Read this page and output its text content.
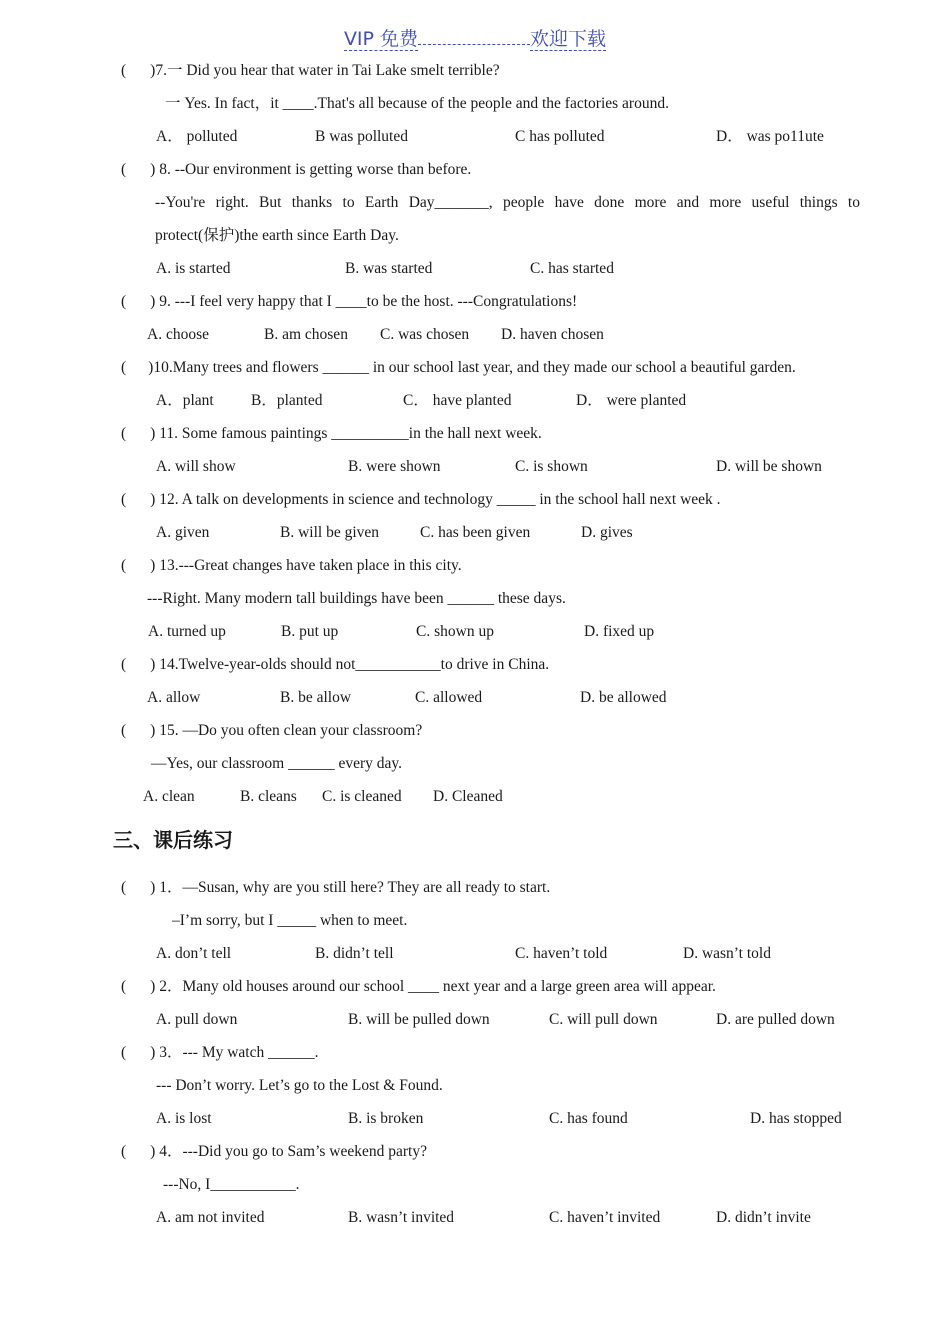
VIP 免费	欢迎下载
( )7.一 Did you hear that water in Tai Lake smelt terrible?
一 Yes. In fact，it ____.That's all because of the people and the factories around.
A． polluted	B was polluted	C has polluted	D． was po11ute
( ) 8. --Our environment is getting worse than before.
--You're right. But thanks to Earth Day_______, people have done more and more useful things to
protect(保护)the earth since Earth Day.
A. is started	B. was started	C. has started
( ) 9. ---I feel very happy that I ____to be the host. ---Congratulations!
A. choose	B. am chosen C. was chosen D. haven chosen
( )10.Many trees and flowers ______ in our school last year, and they made our school a beautiful garden.
A．plant B．planted	C． have planted	D． were planted
( ) 11. Some famous paintings __________in the hall next week.
A. will show	B. were shown	C. is shown	D. will be shown
( ) 12. A talk on developments in science and technology _____ in the school hall next week .
A. given	B. will be given	C. has been given	D. gives
( ) 13.---Great changes have taken place in this city.
---Right. Many modern tall buildings have been ______ these days.
A. turned up	B. put up	C. shown up	D. fixed up
( ) 14.Twelve-year-olds should not___________to drive in China.
A. allow	B. be allow	C. allowed	D. be allowed
( ) 15. —Do you often clean your classroom?
—Yes, our classroom ______ every day.
A. clean	B. cleans C. is cleaned D. Cleaned
三、课后练习
( ) 1．—Susan, why are you still here? They are all ready to start.
–I’m sorry, but I _____ when to meet.
A. don’t tell	B. didn’t tell	C. haven’t told	D. wasn’t told
( ) 2．Many old houses around our school ____ next year and a large green area will appear.
A. pull down	B. will be pulled down	C. will pull down	D. are pulled down
( ) 3．--- My watch ______.
--- Don’t worry. Let’s go to the Lost & Found.
A. is lost	B. is broken	C. has found	D. has stopped
( ) 4．---Did you go to Sam’s weekend party?
---No, I___________.
A. am not invited	B. wasn’t invited	C. haven’t invited	D. didn’t invite
